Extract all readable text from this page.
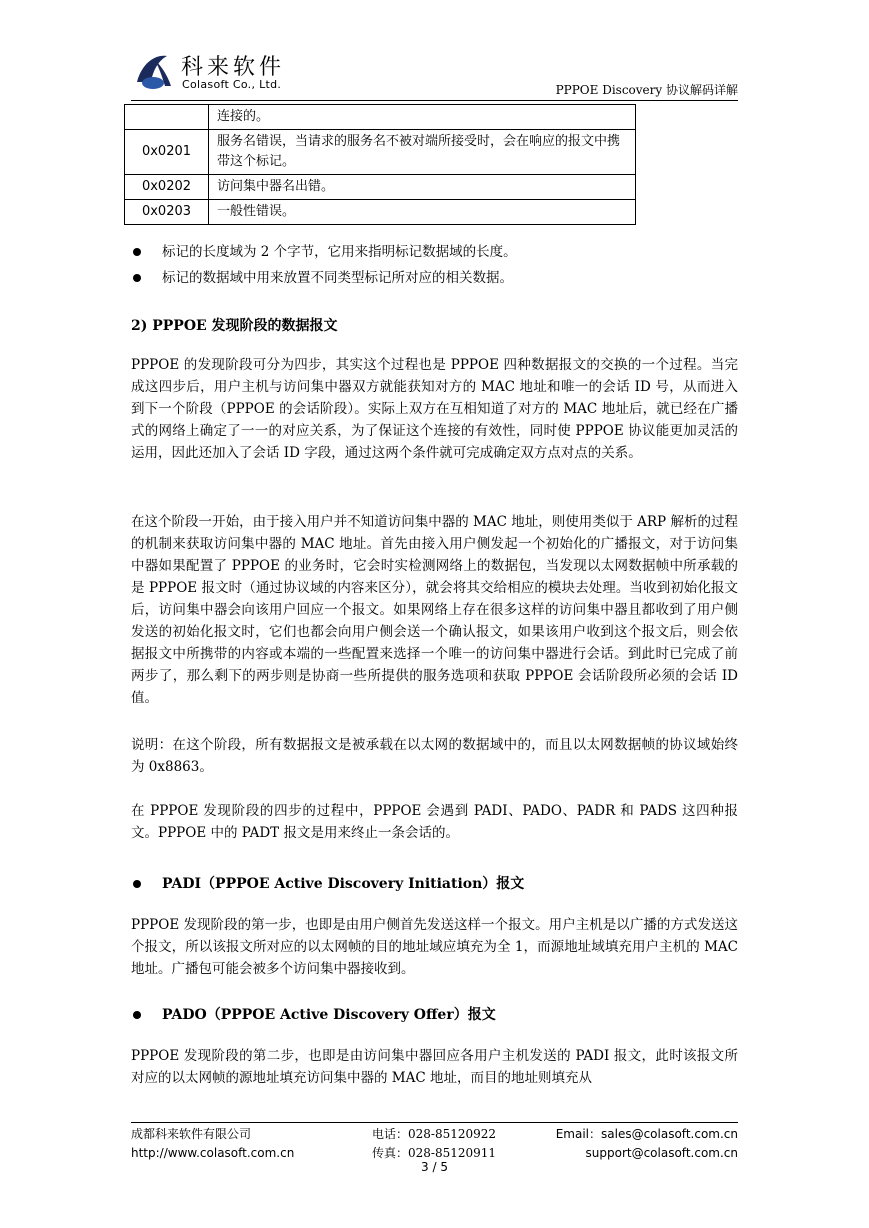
科来软件
Colasoft Co., Ltd.	PPPOE Discovery 协议解码详解
	连接的。
0x0201	服务名错误，当请求的服务名不被对端所接受时，会在响应的报文中携带这个标记。
0x0202	访问集中器名出错。
0x0203	一般性错误。
标记的长度域为 2 个字节，它用来指明标记数据域的长度。
标记的数据域中用来放置不同类型标记所对应的相关数据。
2) PPPOE 发现阶段的数据报文
PPPOE 的发现阶段可分为四步，其实这个过程也是 PPPOE 四种数据报文的交换的一个过程。当完成这四步后，用户主机与访问集中器双方就能获知对方的 MAC 地址和唯一的会话 ID 号，从而进入到下一个阶段（PPPOE 的会话阶段）。实际上双方在互相知道了对方的 MAC 地址后，就已经在广播式的网络上确定了一一的对应关系，为了保证这个连接的有效性，同时使 PPPOE 协议能更加灵活的运用，因此还加入了会话 ID 字段，通过这两个条件就可完成确定双方点对点的关系。
在这个阶段一开始，由于接入用户并不知道访问集中器的 MAC 地址，则使用类似于 ARP 解析的过程的机制来获取访问集中器的 MAC 地址。首先由接入用户侧发起一个初始化的广播报文，对于访问集中器如果配置了 PPPOE 的业务时，它会时实检测网络上的数据包，当发现以太网数据帧中所承载的是 PPPOE 报文时（通过协议域的内容来区分），就会将其交给相应的模块去处理。当收到初始化报文后，访问集中器会向该用户回应一个报文。如果网络上存在很多这样的访问集中器且都收到了用户侧发送的初始化报文时，它们也都会向用户侧会送一个确认报文，如果该用户收到这个报文后，则会依据报文中所携带的内容或本端的一些配置来选择一个唯一的访问集中器进行会话。到此时已完成了前两步了，那么剩下的两步则是协商一些所提供的服务选项和获取 PPPOE 会话阶段所必须的会话 ID 值。
说明：在这个阶段，所有数据报文是被承载在以太网的数据域中的，而且以太网数据帧的协议域始终为 0x8863。
在 PPPOE 发现阶段的四步的过程中，PPPOE 会遇到 PADI、PADO、PADR 和 PADS 这四种报文。PPPOE 中的 PADT 报文是用来终止一条会话的。
PADI（PPPOE Active Discovery Initiation）报文
PPPOE 发现阶段的第一步，也即是由用户侧首先发送这样一个报文。用户主机是以广播的方式发送这个报文，所以该报文所对应的以太网帧的目的地址域应填充为全 1，而源地址域填充用户主机的 MAC 地址。广播包可能会被多个访问集中器接收到。
PADO（PPPOE Active Discovery Offer）报文
PPPOE 发现阶段的第二步，也即是由访问集中器回应各用户主机发送的 PADI 报文，此时该报文所对应的以太网帧的源地址填充访问集中器的 MAC 地址，而目的地址则填充从
成都科来软件有限公司
http://www.colasoft.com.cn
电话：028-85120922
传真：028-85120911
Email：sales@colasoft.com.cn
support@colasoft.com.cn
3 / 5
